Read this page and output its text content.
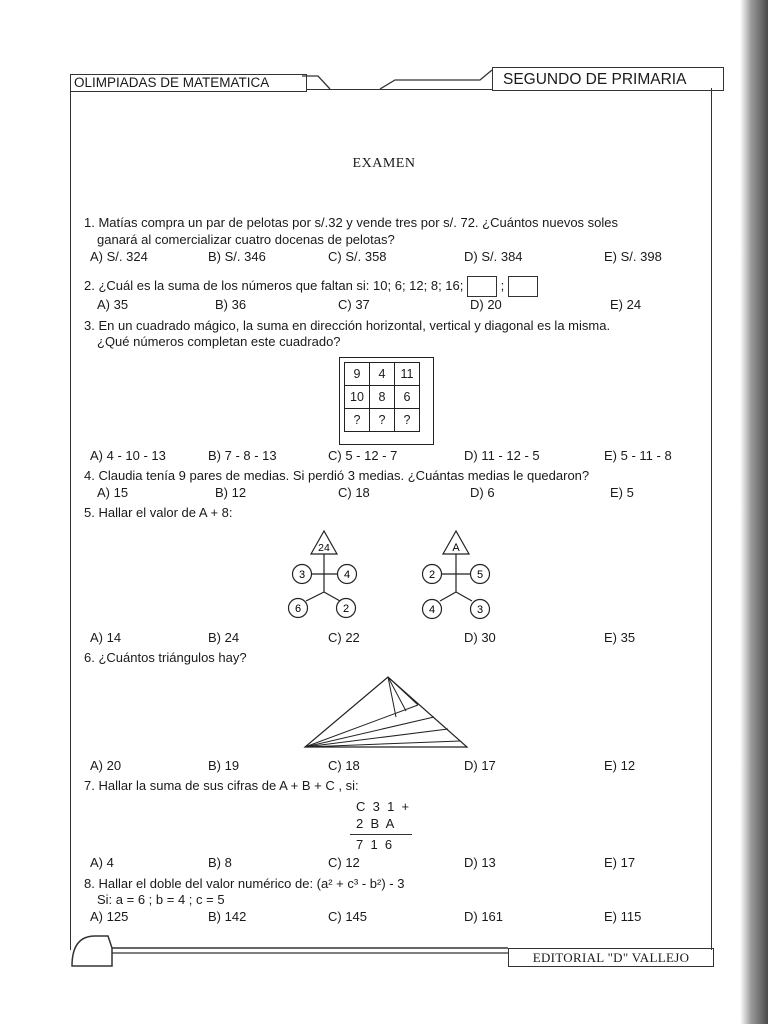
OLIMPIADAS DE MATEMATICA	SEGUNDO DE PRIMARIA
EXAMEN
1. Matías compra un par de pelotas por s/.32 y vende tres por s/. 72. ¿Cuántos nuevos soles
ganará al comercializar cuatro docenas de pelotas?
A) S/. 324	B) S/. 346	C) S/. 358	D) S/. 384	E) S/. 398
2. ¿Cuál es la suma de los números que faltan si: 10; 6; 12; 8; 16;	;
A) 35	B) 36	C) 37	D) 20	E) 24
3. En un cuadrado mágico, la suma en dirección horizontal, vertical y diagonal es la misma.
¿Qué números completan este cuadrado?
9	4	11
10	8	6
?	?	?
A) 4 - 10 - 13	B) 7 - 8 - 13	C) 5 - 12 - 7	D) 11 - 12 - 5	E) 5 - 11 - 8
4. Claudia tenía 9 pares de medias. Si perdió 3 medias. ¿Cuántas medias le quedaron?
A) 15	B) 12	C) 18	D) 6	E) 5
5. Hallar el valor de A + 8:
24
3	4
6	2
A
2	5
4	3
A) 14	B) 24	C) 22	D) 30	E) 35
6. ¿Cuántos triángulos hay?
A) 20	B) 19	C) 18	D) 17	E) 12
7. Hallar la suma de sus cifras de A + B + C , si:
C  3  1  +
2  B  A
7  1  6
A) 4	B) 8	C) 12	D) 13	E) 17
8. Hallar el doble del valor numérico de: (a² + c³ - b²) - 3
Si: a = 6 ; b = 4 ; c = 5
A) 125	B) 142	C) 145	D) 161	E) 115
EDITORIAL "D" VALLEJO
